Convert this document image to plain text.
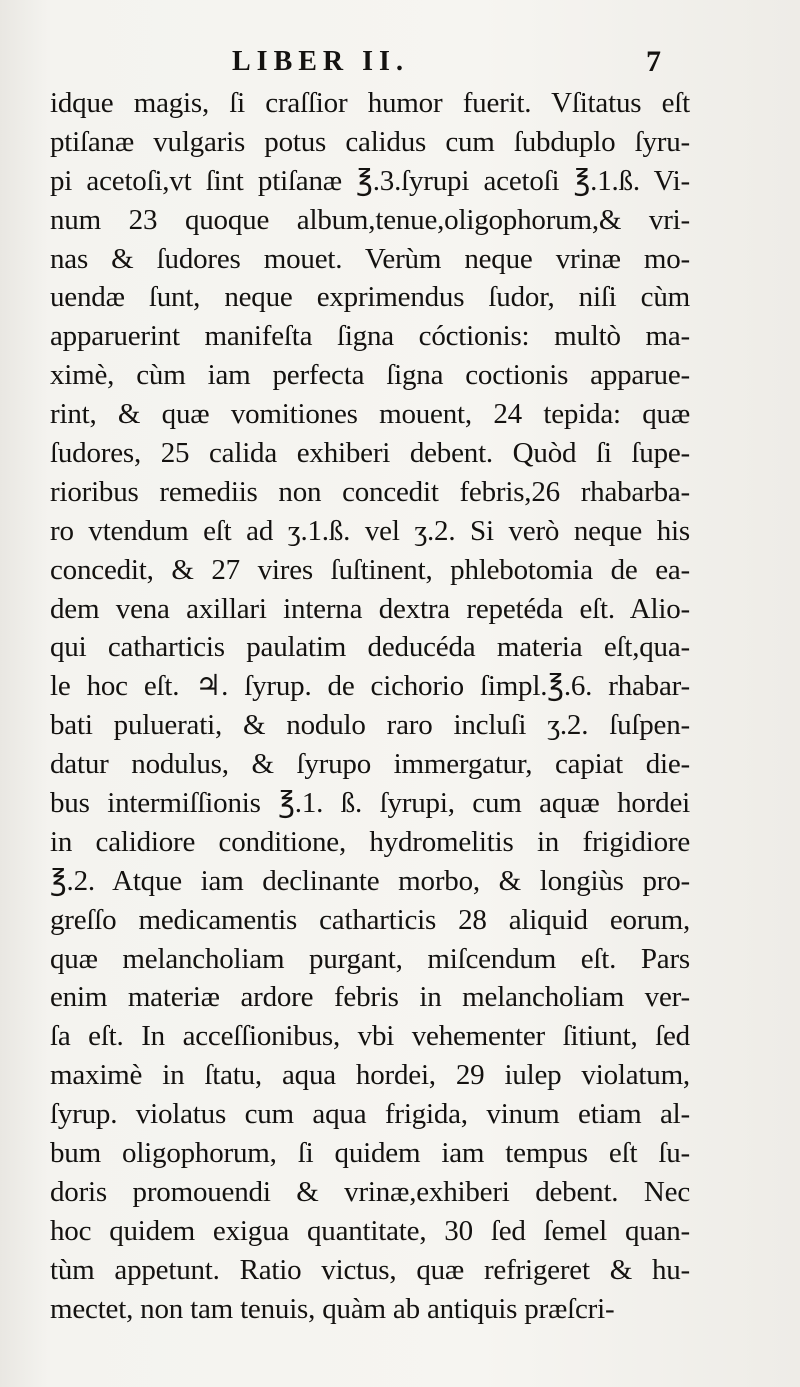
LIBER II.	7
idque magis, ſi craſſior humor fuerit. Vſitatus eſt
ptiſanæ vulgaris potus calidus cum ſubduplo ſyru-
pi acetoſi,vt ſint ptiſanæ ℥.3.ſyrupi acetoſi ℥.1.ß. Vi-
num 23 quoque album,tenue,oligophorum,& vri-
nas & ſudores mouet. Verùm neque vrinæ mo-
uendæ ſunt, neque exprimendus ſudor, niſi cùm
apparuerint manifeſta ſigna cóctionis: multò ma-
ximè, cùm iam perfecta ſigna coctionis apparue-
rint, & quæ vomitiones mouent, 24 tepida: quæ
ſudores, 25 calida exhiberi debent. Quòd ſi ſupe-
rioribus remediis non concedit febris,26 rhabarba-
ro vtendum eſt ad ʒ.1.ß. vel ʒ.2. Si verò neque his
concedit, & 27 vires ſuſtinent, phlebotomia de ea-
dem vena axillari interna dextra repetéda eſt. Alio-
qui catharticis paulatim deducéda materia eſt,qua-
le hoc eſt. ♃. ſyrup. de cichorio ſimpl.℥.6. rhabar-
bati puluerati, & nodulo raro incluſi ʒ.2. ſuſpen-
datur nodulus, & ſyrupo immergatur, capiat die-
bus intermiſſionis ℥.1. ß. ſyrupi, cum aquæ hordei
in calidiore conditione, hydromelitis in frigidiore
℥.2. Atque iam declinante morbo, & longiùs pro-
greſſo medicamentis catharticis 28 aliquid eorum,
quæ melancholiam purgant, miſcendum eſt. Pars
enim materiæ ardore febris in melancholiam ver-
ſa eſt. In acceſſionibus, vbi vehementer ſitiunt, ſed
maximè in ſtatu, aqua hordei, 29 iulep violatum,
ſyrup. violatus cum aqua frigida, vinum etiam al-
bum oligophorum, ſi quidem iam tempus eſt ſu-
doris promouendi & vrinæ,exhiberi debent. Nec
hoc quidem exigua quantitate, 30 ſed ſemel quan-
tùm appetunt. Ratio victus, quæ refrigeret & hu-
mectet, non tam tenuis, quàm ab antiquis præſcri-
